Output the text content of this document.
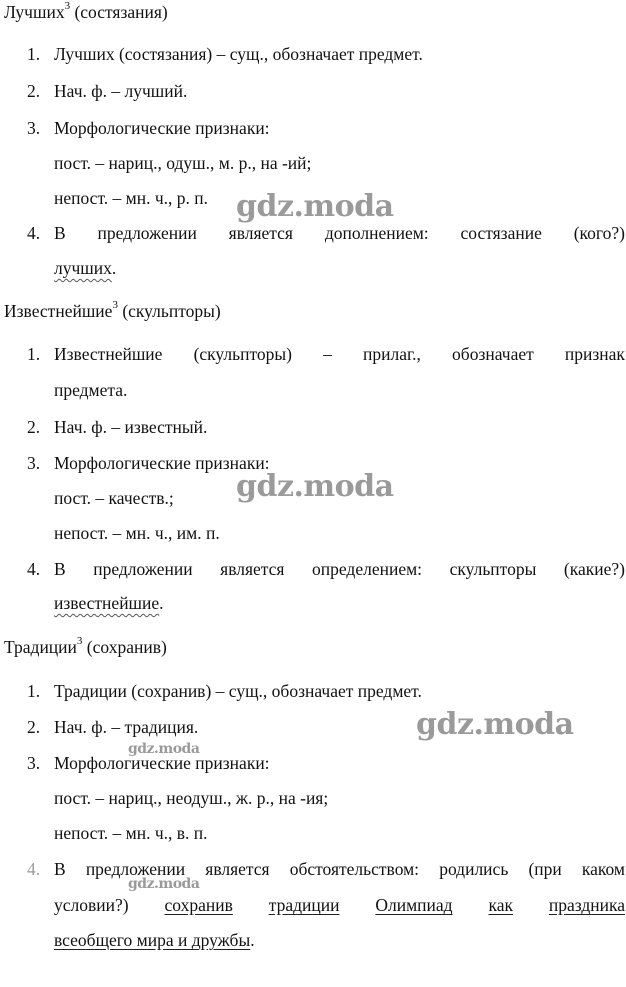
Лучших$^3$ (состязания)
1. Лучших (состязания) – сущ., обозначает предмет.
2. Нач. ф. – лучший.
3. Морфологические признаки:
пост. – нариц., одуш., м. р., на -ий;
непост. – мн. ч., р. п.
4. В предложении является дополнением: состязание (кого?)
лучших.
Известнейшие$^3$ (скульпторы)
1. Известнейшие (скульпторы) – прилаг., обозначает признак
предмета.
2. Нач. ф. – известный.
3. Морфологические признаки:
пост. – качеств.;
непост. – мн. ч., им. п.
4. В предложении является определением: скульпторы (какие?)
известнейшие.
Традиции$^3$ (сохранив)
1. Традиции (сохранив) – сущ., обозначает предмет.
2. Нач. ф. – традиция.
3. Морфологические признаки:
пост. – нариц., неодуш., ж. р., на -ия;
непост. – мн. ч., в. п.
4. В предложении является обстоятельством: родились (при каком
условии?) сохранив традиции Олимпиад как праздника
всеобщего мира и дружбы.
gdz.moda
gdz.moda
gdz.moda
gdz.moda
gdz.moda
